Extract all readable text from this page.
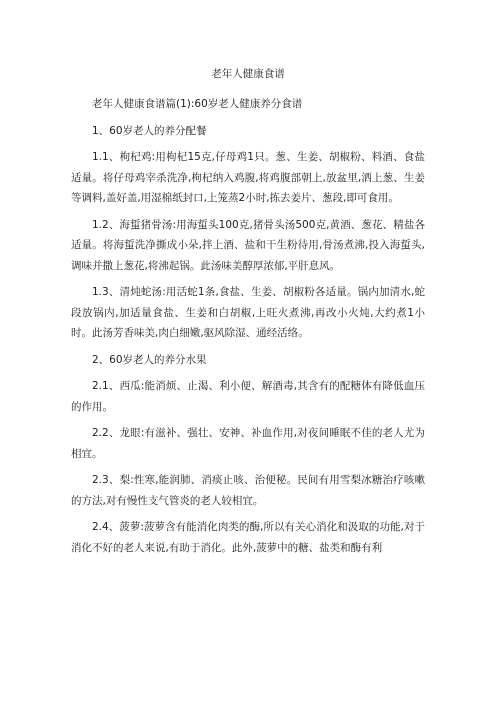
老年人健康食谱
老年人健康食谱篇(1):60岁老人健康养分食谱
1、60岁老人的养分配餐
1.1、枸杞鸡:用枸杞15克,仔母鸡1只。葱、生姜、胡椒粉、料酒、食盐适量。将仔母鸡宰杀洗净,枸杞纳入鸡腹,将鸡腹部朝上,放盆里,洒上葱、生姜等调料,盖好盖,用湿棉纸封口,上笼蒸2小时,拣去姜片、葱段,即可食用。
1.2、海蜇猪骨汤:用海蜇头100克,猪骨头汤500克,黄酒、葱花、精盐各适量。将海蜇洗净撕成小朵,拌上酒、盐和干生粉待用,骨汤煮沸,投入海蜇头,调味并撒上葱花,将沸起锅。此汤味美醇厚浓郁,平肝息风。
1.3、清炖蛇汤:用活蛇1条,食盐、生姜、胡椒粉各适量。锅内加清水,蛇段放锅内,加适量食盐、生姜和白胡椒,上旺火煮沸,再改小火炖,大约煮1小时。此汤芳香味美,肉白细嫩,驱风除湿、通经活络。
2、60岁老人的养分水果
2.1、西瓜:能消烦、止渴、利小便、解酒毒,其含有的配糖体有降低血压的作用。
2.2、龙眼:有滋补、强壮、安神、补血作用,对夜间睡眠不佳的老人尤为相宜。
2.3、梨:性寒,能润肺、消痰止咳、治便秘。民间有用雪梨冰糖治疗咳嗽的方法,对有慢性支气管炎的老人较相宜。
2.4、菠萝:菠萝含有能消化肉类的酶,所以有关心消化和汲取的功能,对于消化不好的老人来说,有助于消化。此外,菠萝中的糖、盐类和酶有利
